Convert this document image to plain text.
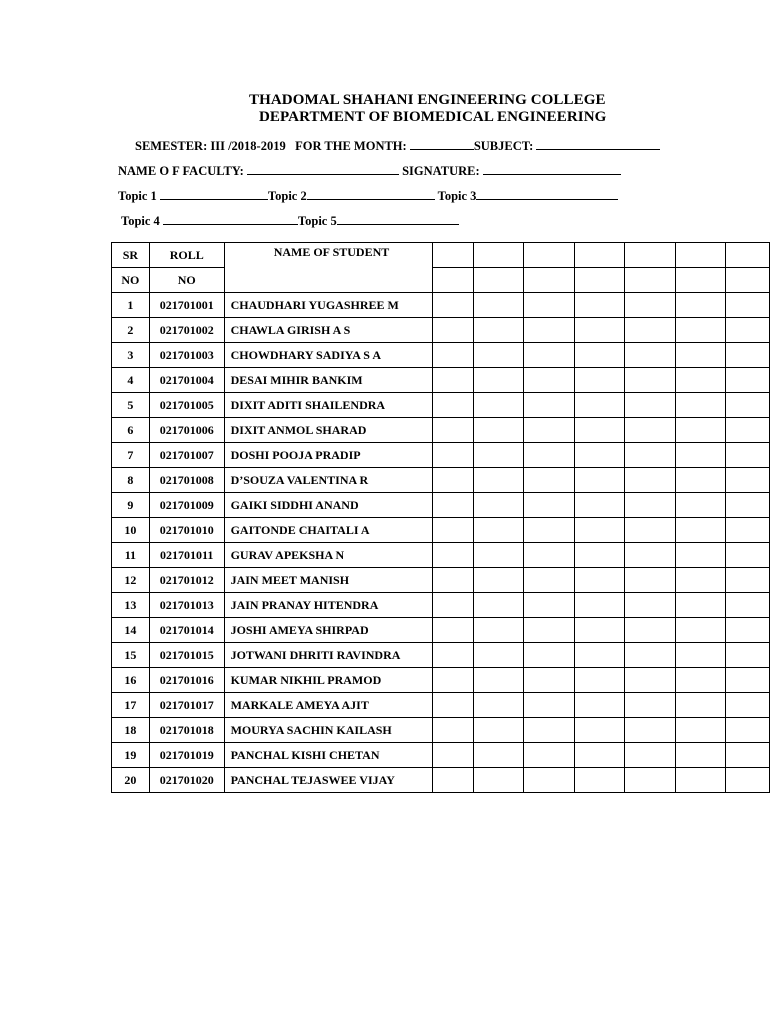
THADOMAL SHAHANI ENGINEERING COLLEGE
DEPARTMENT OF BIOMEDICAL ENGINEERING
SEMESTER: III /2018-2019 FOR THE MONTH:	SUBJECT:
NAME O F FACULTY:	SIGNATURE:
Topic 1	Topic 2	Topic 3
Topic 4	Topic 5
SR	ROLL	NAME OF STUDENT							
NO	NO								
1	021701001	CHAUDHARI YUGASHREE M							
2	021701002	CHAWLA GIRISH A S							
3	021701003	CHOWDHARY SADIYA S A							
4	021701004	DESAI MIHIR BANKIM							
5	021701005	DIXIT ADITI SHAILENDRA							
6	021701006	DIXIT ANMOL SHARAD							
7	021701007	DOSHI POOJA PRADIP							
8	021701008	D’SOUZA VALENTINA R							
9	021701009	GAIKI SIDDHI ANAND							
10	021701010	GAITONDE CHAITALI A							
11	021701011	GURAV APEKSHA N							
12	021701012	JAIN MEET MANISH							
13	021701013	JAIN PRANAY HITENDRA							
14	021701014	JOSHI AMEYA SHIRPAD							
15	021701015	JOTWANI DHRITI RAVINDRA							
16	021701016	KUMAR NIKHIL PRAMOD							
17	021701017	MARKALE AMEYA AJIT							
18	021701018	MOURYA SACHIN KAILASH							
19	021701019	PANCHAL KISHI CHETAN							
20	021701020	PANCHAL TEJASWEE VIJAY							
